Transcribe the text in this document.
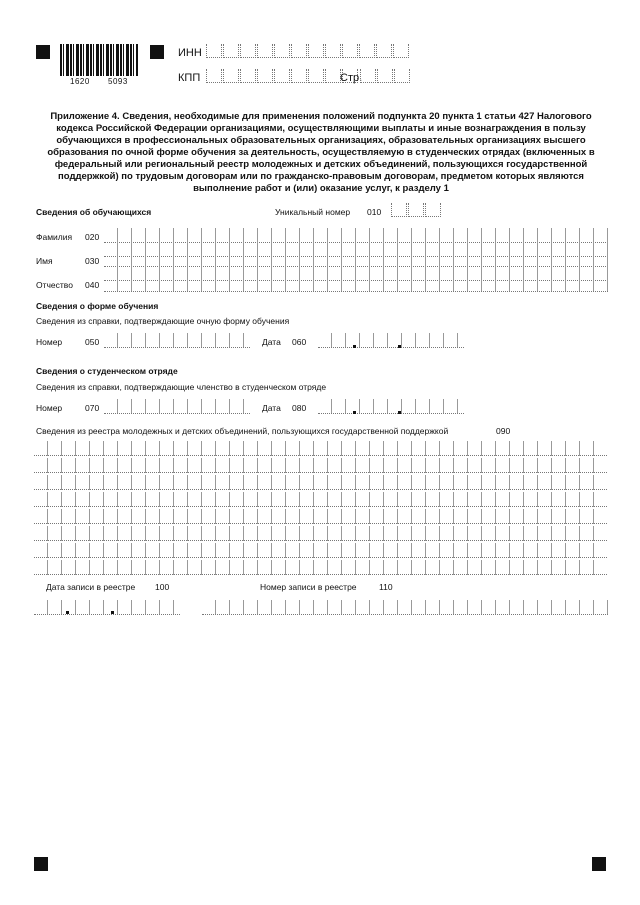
1620 5093
ИНН
КПП	Стр.
Приложение 4. Сведения, необходимые для применения положений подпункта 20 пункта 1 статьи 427 Налогового кодекса Российской Федерации организациями, осуществляющими выплаты и иные вознаграждения в пользу обучающихся в профессиональных образовательных организациях, образовательных организациях высшего образования по очной форме обучения за деятельность, осуществляемую в студенческих отрядах (включенных в федеральный или региональный реестр молодежных и детских объединений, пользующихся государственной поддержкой) по трудовым договорам или по гражданско-правовым договорам, предметом которых являются выполнение работ и (или) оказание услуг, к разделу 1
Сведения об обучающихся	Уникальный номер 010
Фамилия 020
Имя	030
Отчество 040
Сведения о форме обучения
Сведения из справки, подтверждающие очную форму обучения
Номер	050	Дата 060
Сведения о студенческом отряде
Сведения из справки, подтверждающие членство в студенческом отряде
Номер	070	Дата 080
Сведения из реестра молодежных и детских объединений, пользующихся государственной поддержкой	090
Дата записи в реестре 100	Номер записи в реестре	110
